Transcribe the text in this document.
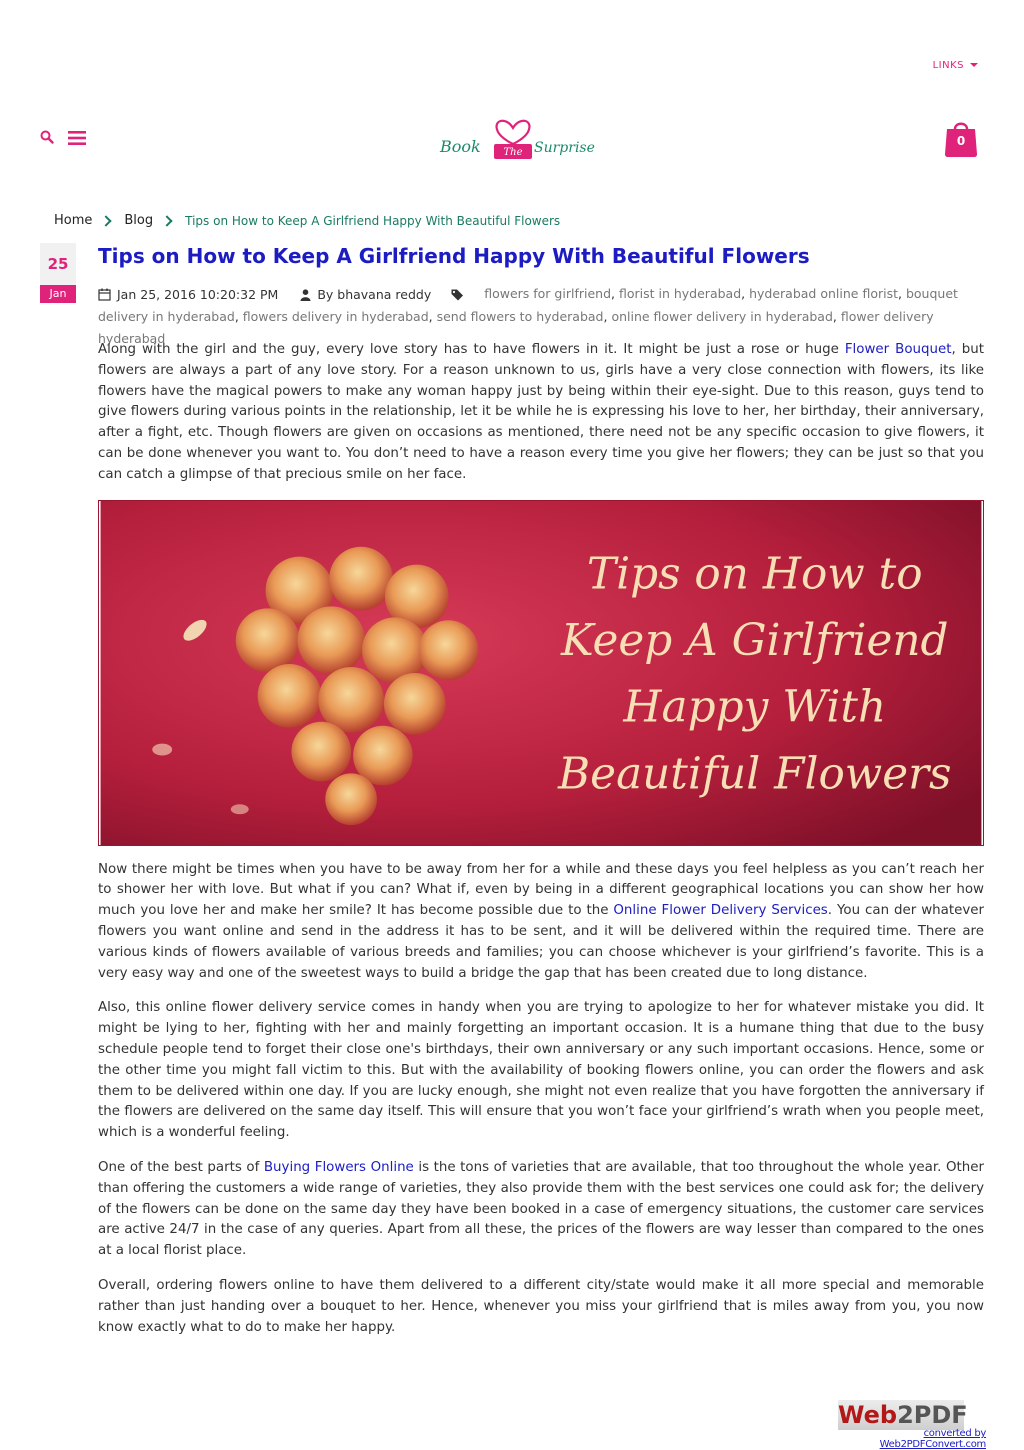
LINKS
The
Book	Surprise	0
Home Blog	Tips on How to Keep A Girlfriend Happy With Beautiful Flowers
25
Jan
Tips on How to Keep A Girlfriend Happy With Beautiful Flowers
Jan 25, 2016 10:20:32 PM
	By bhavana reddy
	flowers for girlfriend, florist in hyderabad, hyderabad online florist, bouquet delivery in hyderabad, flowers delivery in hyderabad, send flowers to hyderabad, online flower delivery in hyderabad, flower delivery hyderabad

Along with the girl and the guy, every love story has to have flowers in it. It might be just a rose or huge Flower Bouquet, but flowers are always a part of any love story. For a reason unknown to us, girls have a very close connection with flowers, its like flowers have the magical powers to make any woman happy just by being within their eye-sight. Due to this reason, guys tend to give flowers during various points in the relationship, let it be while he is expressing his love to her, her birthday, their anniversary, after a fight, etc. Though flowers are given on occasions as mentioned, there need not be any specific occasion to give flowers, it can be done whenever you want to. You don’t need to have a reason every time you give her flowers; they can be just so that you can catch a glimpse of that precious smile on her face.

Tips on How to
Keep A Girlfriend
Happy With
Beautiful Flowers

Now there might be times when you have to be away from her for a while and these days you feel helpless as you can’t reach her to shower her with love. But what if you can? What if, even by being in a different geographical locations you can show her how much you love her and make her smile? It has become possible due to the Online Flower Delivery Services. You can der whatever flowers you want online and send in the address it has to be sent, and it will be delivered within the required time. There are various kinds of flowers available of various breeds and families; you can choose whichever is your girlfriend’s favorite. This is a very easy way and one of the sweetest ways to build a bridge the gap that has been created due to long distance.

Also, this online flower delivery service comes in handy when you are trying to apologize to her for whatever mistake you did. It might be lying to her, fighting with her and mainly forgetting an important occasion. It is a humane thing that due to the busy schedule people tend to forget their close one's birthdays, their own anniversary or any such important occasions. Hence, some or the other time you might fall victim to this. But with the availability of booking flowers online, you can order the flowers and ask them to be delivered within one day. If you are lucky enough, she might not even realize that you have forgotten the anniversary if the flowers are delivered on the same day itself. This will ensure that you won’t face your girlfriend’s wrath when you people meet, which is a wonderful feeling.

One of the best parts of Buying Flowers Online is the tons of varieties that are available, that too throughout the whole year. Other than offering the customers a wide range of varieties, they also provide them with the best services one could ask for; the delivery of the flowers can be done on the same day they have been booked in a case of emergency situations, the customer care services are active 24/7 in the case of any queries. Apart from all these, the prices of the flowers are way lesser than compared to the ones at a local florist place.

Overall, ordering flowers online to have them delivered to a different city/state would make it all more special and memorable rather than just handing over a bouquet to her. Hence, whenever you miss your girlfriend that is miles away from you, you now know exactly what to do to make her happy.

Web2PDF
converted by Web2PDFConvert.com
